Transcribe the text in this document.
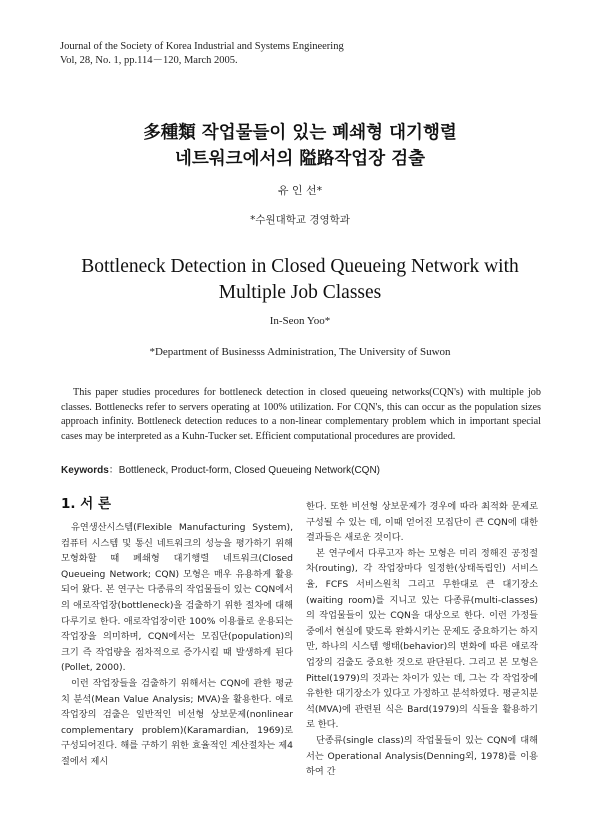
Journal of the Society of Korea Industrial and Systems Engineering
Vol, 28, No. 1, pp.114－120, March 2005.
多種類 작업물들이 있는 폐쇄형 대기행렬
네트워크에서의 隘路작업장 검출
유 인 선*
*수원대학교 경영학과
Bottleneck Detection in Closed Queueing Network with
Multiple Job Classes
In-Seon Yoo*
*Department of Businesss Administration, The University of Suwon

This paper studies procedures for bottleneck detection in closed queueing networks(CQN's) with multiple job classes. Bottlenecks refer to servers operating at 100% utilization. For CQN's, this can occur as the population sizes approach infinity. Bottleneck detection reduces to a non-linear complementary problem which in important special cases may be interpreted as a Kuhn-Tucker set. Efficient computational procedures are provided.

Keywords：Bottleneck, Product-form, Closed Queueing Network(CQN)
1. 서 론

유연생산시스템(Flexible Manufacturing System), 컴퓨터 시스템 및 통신 네트워크의 성능을 평가하기 위해 모형화할 때 폐쇄형 대기행렬 네트워크(Closed Queueing Network; CQN) 모형은 매우 유용하게 활용되어 왔다. 본 연구는 다종류의 작업물들이 있는 CQN에서의 애로작업장(bottleneck)을 검출하기 위한 절차에 대해 다루기로 한다. 애로작업장이란 100% 이용률로 운용되는 작업장을 의미하며, CQN에서는 모집단(population)의 크기 즉 작업량을 점차적으로 증가시킬 때 발생하게 된다(Pollet, 2000).

이런 작업장들을 검출하기 위해서는 CQN에 관한 평균치 분석(Mean Value Analysis; MVA)을 활용한다. 애로작업장의 검출은 일반적인 비선형 상보문제(nonlinear complementary problem)(Karamardian, 1969)로 구성되어진다. 해를 구하기 위한 효율적인 계산절차는 제4절에서 제시

한다. 또한 비선형 상보문제가 경우에 따라 최적화 문제로 구성될 수 있는 데, 이때 얻어진 모집단이 큰 CQN에 대한 결과들은 새로운 것이다.

본 연구에서 다루고자 하는 모형은 미리 정해진 공정절차(routing), 각 작업장마다 일정한(상태독립인) 서비스율, FCFS 서비스원칙 그리고 무한대로 큰 대기장소(waiting room)를 지니고 있는 다종류(multi-classes)의 작업물들이 있는 CQN을 대상으로 한다. 이런 가정들 중에서 현실에 맞도록 완화시키는 문제도 중요하기는 하지만, 하나의 시스템 행태(behavior)의 변화에 따른 애로작업장의 검출도 중요한 것으로 판단된다. 그리고 본 모형은 Pittel(1979)의 것과는 차이가 있는 데, 그는 각 작업장에 유한한 대기장소가 있다고 가정하고 분석하였다. 평균치분석(MVA)에 관련된 식은 Bard(1979)의 식들을 활용하기로 한다.

단종류(single class)의 작업물들이 있는 CQN에 대해서는 Operational Analysis(Denning외, 1978)를 이용하여 간
